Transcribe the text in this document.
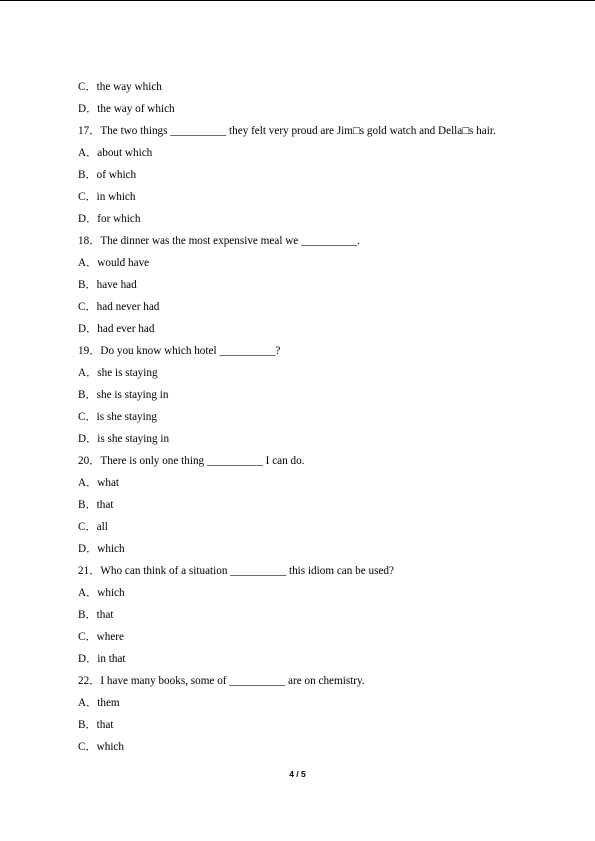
C．the way which
D．the way of which
17．The two things __________ they felt very proud are Jim□s gold watch and Della□s hair.
A．about which
B．of which
C．in which
D．for which
18．The dinner was the most expensive meal we __________.
A．would have
B．have had
C．had never had
D．had ever had
19．Do you know which hotel __________?
A．she is staying
B．she is staying in
C．is she staying
D．is she staying in
20．There is only one thing __________ I can do.
A．what
B．that
C．all
D．which
21．Who can think of a situation __________ this idiom can be used?
A．which
B．that
C．where
D．in that
22．I have many books, some of __________ are on chemistry.
A．them
B．that
C．which
4 / 5
